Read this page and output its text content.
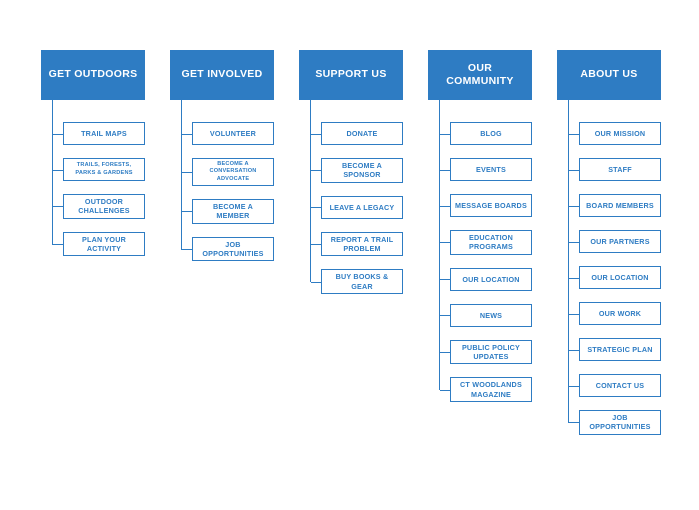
GET OUTDOORS
TRAIL MAPS
TRAILS, FORESTS, PARKS & GARDENS
OUTDOOR CHALLENGES
PLAN YOUR ACTIVITY
GET INVOLVED
VOLUNTEER
BECOME A CONVERSATION ADVOCATE
BECOME A MEMBER
JOB OPPORTUNITIES
SUPPORT US
DONATE
BECOME A SPONSOR
LEAVE A LEGACY
REPORT A TRAIL PROBLEM
BUY BOOKS & GEAR
OUR COMMUNITY
BLOG
EVENTS
MESSAGE BOARDS
EDUCATION PROGRAMS
OUR LOCATION
NEWS
PUBLIC POLICY UPDATES
CT WOODLANDS MAGAZINE
ABOUT US
OUR MISSION
STAFF
BOARD MEMBERS
OUR PARTNERS
OUR LOCATION
OUR WORK
STRATEGIC PLAN
CONTACT US
JOB OPPORTUNITIES
